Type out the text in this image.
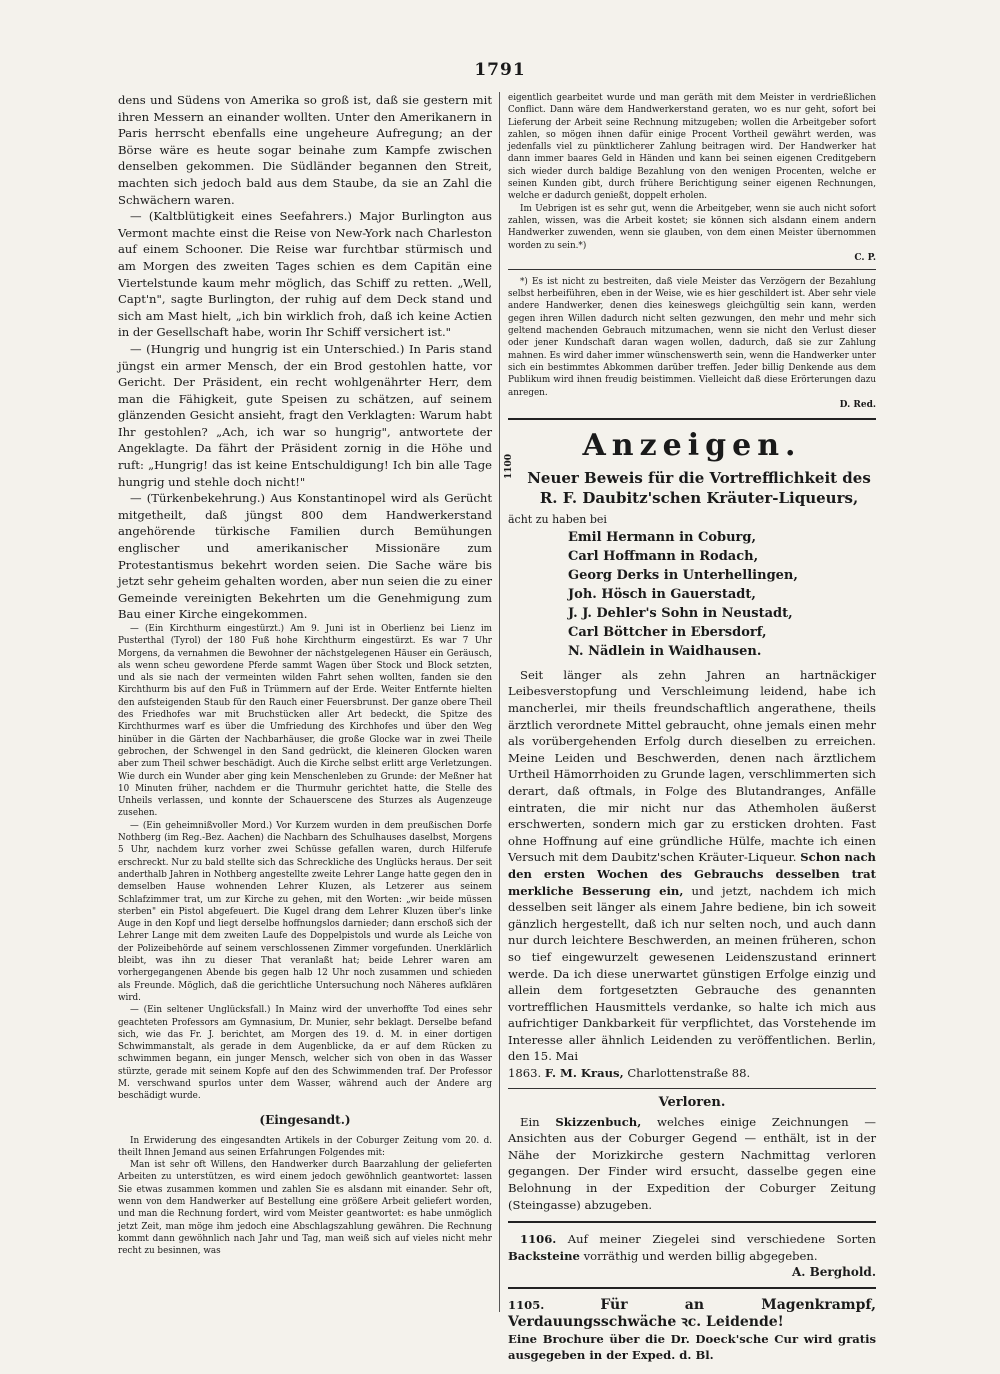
1791

dens und Südens von Amerika so groß ist, daß sie gestern mit ihren Messern an einander wollten. Unter den Amerikanern in Paris herrscht ebenfalls eine ungeheure Aufregung; an der Börse wäre es heute sogar beinahe zum Kampfe zwischen denselben gekommen. Die Südländer begannen den Streit, machten sich jedoch bald aus dem Staube, da sie an Zahl die Schwächern waren.

— (Kaltblütigkeit eines Seefahrers.) Major Burlington aus Vermont machte einst die Reise von New-York nach Charleston auf einem Schooner. Die Reise war furchtbar stürmisch und am Morgen des zweiten Tages schien es dem Capitän eine Viertelstunde kaum mehr möglich, das Schiff zu retten. „Well, Capt'n", sagte Burlington, der ruhig auf dem Deck stand und sich am Mast hielt, „ich bin wirklich froh, daß ich keine Actien in der Gesellschaft habe, worin Ihr Schiff versichert ist."

— (Hungrig und hungrig ist ein Unterschied.) In Paris stand jüngst ein armer Mensch, der ein Brod gestohlen hatte, vor Gericht. Der Präsident, ein recht wohlgenährter Herr, dem man die Fähigkeit, gute Speisen zu schätzen, auf seinem glänzenden Gesicht ansieht, fragt den Verklagten: Warum habt Ihr gestohlen? „Ach, ich war so hungrig", antwortete der Angeklagte. Da fährt der Präsident zornig in die Höhe und ruft: „Hungrig! das ist keine Entschuldigung! Ich bin alle Tage hungrig und stehle doch nicht!"

— (Türkenbekehrung.) Aus Konstantinopel wird als Gerücht mitgetheilt, daß jüngst 800 dem Handwerkerstand angehörende türkische Familien durch Bemühungen englischer und amerikanischer Missionäre zum Protestantismus bekehrt worden seien. Die Sache wäre bis jetzt sehr geheim gehalten worden, aber nun seien die zu einer Gemeinde vereinigten Bekehrten um die Genehmigung zum Bau einer Kirche eingekommen.

— (Ein Kirchthurm eingestürzt.) Am 9. Juni ist in Oberlienz bei Lienz im Pusterthal (Tyrol) der 180 Fuß hohe Kirchthurm eingestürzt. Es war 7 Uhr Morgens, da vernahmen die Bewohner der nächstgelegenen Häuser ein Geräusch, als wenn scheu gewordene Pferde sammt Wagen über Stock und Block setzten, und als sie nach der vermeinten wilden Fahrt sehen wollten, fanden sie den Kirchthurm bis auf den Fuß in Trümmern auf der Erde. Weiter Entfernte hielten den aufsteigenden Staub für den Rauch einer Feuersbrunst. Der ganze obere Theil des Friedhofes war mit Bruchstücken aller Art bedeckt, die Spitze des Kirchthurmes warf es über die Umfriedung des Kirchhofes und über den Weg hinüber in die Gärten der Nachbarhäuser, die große Glocke war in zwei Theile gebrochen, der Schwengel in den Sand gedrückt, die kleineren Glocken waren aber zum Theil schwer beschädigt. Auch die Kirche selbst erlitt arge Verletzungen. Wie durch ein Wunder aber ging kein Menschenleben zu Grunde: der Meßner hat 10 Minuten früher, nachdem er die Thurmuhr gerichtet hatte, die Stelle des Unheils verlassen, und konnte der Schauerscene des Sturzes als Augenzeuge zusehen.

— (Ein geheimnißvoller Mord.) Vor Kurzem wurden in dem preußischen Dorfe Nothberg (im Reg.-Bez. Aachen) die Nachbarn des Schulhauses daselbst, Morgens 5 Uhr, nachdem kurz vorher zwei Schüsse gefallen waren, durch Hilferufe erschreckt. Nur zu bald stellte sich das Schreckliche des Unglücks heraus. Der seit anderthalb Jahren in Nothberg angestellte zweite Lehrer Lange hatte gegen den in demselben Hause wohnenden Lehrer Kluzen, als Letzerer aus seinem Schlafzimmer trat, um zur Kirche zu gehen, mit den Worten: „wir beide müssen sterben" ein Pistol abgefeuert. Die Kugel drang dem Lehrer Kluzen über's linke Auge in den Kopf und liegt derselbe hoffnungslos darnieder; dann erschoß sich der Lehrer Lange mit dem zweiten Laufe des Doppelpistols und wurde als Leiche von der Polizeibehörde auf seinem verschlossenen Zimmer vorgefunden. Unerklärlich bleibt, was ihn zu dieser That veranlaßt hat; beide Lehrer waren am vorhergegangenen Abende bis gegen halb 12 Uhr noch zusammen und schieden als Freunde. Möglich, daß die gerichtliche Untersuchung noch Näheres aufklären wird.

— (Ein seltener Unglücksfall.) In Mainz wird der unverhoffte Tod eines sehr geachteten Professors am Gymnasium, Dr. Munier, sehr beklagt. Derselbe befand sich, wie das Fr. J. berichtet, am Morgen des 19. d. M. in einer dortigen Schwimmanstalt, als gerade in dem Augenblicke, da er auf dem Rücken zu schwimmen begann, ein junger Mensch, welcher sich von oben in das Wasser stürzte, gerade mit seinem Kopfe auf den des Schwimmenden traf. Der Professor M. verschwand spurlos unter dem Wasser, während auch der Andere arg beschädigt wurde.

(Eingesandt.)

In Erwiderung des eingesandten Artikels in der Coburger Zeitung vom 20. d. theilt Ihnen Jemand aus seinen Erfahrungen Folgendes mit:

Man ist sehr oft Willens, den Handwerker durch Baarzahlung der gelieferten Arbeiten zu unterstützen, es wird einem jedoch gewöhnlich geantwortet: lassen Sie etwas zusammen kommen und zahlen Sie es alsdann mit einander. Sehr oft, wenn von dem Handwerker auf Bestellung eine größere Arbeit geliefert worden, und man die Rechnung fordert, wird vom Meister geantwortet: es habe unmöglich jetzt Zeit, man möge ihm jedoch eine Abschlagszahlung gewähren. Die Rechnung kommt dann gewöhnlich nach Jahr und Tag, man weiß sich auf vieles nicht mehr recht zu besinnen, was

eigentlich gearbeitet wurde und man geräth mit dem Meister in verdrießlichen Conflict. Dann wäre dem Handwerkerstand geraten, wo es nur geht, sofort bei Lieferung der Arbeit seine Rechnung mitzugeben; wollen die Arbeitgeber sofort zahlen, so mögen ihnen dafür einige Procent Vortheil gewährt werden, was jedenfalls viel zu pünktlicherer Zahlung beitragen wird. Der Handwerker hat dann immer baares Geld in Händen und kann bei seinen eigenen Creditgebern sich wieder durch baldige Bezahlung von den wenigen Procenten, welche er seinen Kunden gibt, durch frühere Berichtigung seiner eigenen Rechnungen, welche er dadurch genießt, doppelt erholen.

Im Uebrigen ist es sehr gut, wenn die Arbeitgeber, wenn sie auch nicht sofort zahlen, wissen, was die Arbeit kostet; sie können sich alsdann einem andern Handwerker zuwenden, wenn sie glauben, von dem einen Meister übernommen worden zu sein.*)

C. P.

*) Es ist nicht zu bestreiten, daß viele Meister das Verzögern der Bezahlung selbst herbeiführen, eben in der Weise, wie es hier geschildert ist. Aber sehr viele andere Handwerker, denen dies keineswegs gleichgültig sein kann, werden gegen ihren Willen dadurch nicht selten gezwungen, den mehr und mehr sich geltend machenden Gebrauch mitzumachen, wenn sie nicht den Verlust dieser oder jener Kundschaft daran wagen wollen, dadurch, daß sie zur Zahlung mahnen. Es wird daher immer wünschenswerth sein, wenn die Handwerker unter sich ein bestimmtes Abkommen darüber treffen. Jeder billig Denkende aus dem Publikum wird ihnen freudig beistimmen. Vielleicht daß diese Erörterungen dazu anregen.

D. Red.
Anzeigen.
1100 Neuer Beweis für die Vortrefflichkeit des
R. F. Daubitz'schen Kräuter-Liqueurs,
ächt zu haben bei
Emil Hermann in Coburg,
Carl Hoffmann in Rodach,
Georg Derks in Unterhellingen,
Joh. Hösch in Gauerstadt,
J. J. Dehler's Sohn in Neustadt,
Carl Böttcher in Ebersdorf,
N. Nädlein in Waidhausen.

Seit länger als zehn Jahren an hartnäckiger Leibesverstopfung und Verschleimung leidend, habe ich mancherlei, mir theils freundschaftlich angerathene, theils ärztlich verordnete Mittel gebraucht, ohne jemals einen mehr als vorübergehenden Erfolg durch dieselben zu erreichen. Meine Leiden und Beschwerden, denen nach ärztlichem Urtheil Hämorrhoiden zu Grunde lagen, verschlimmerten sich derart, daß oftmals, in Folge des Blutandranges, Anfälle eintraten, die mir nicht nur das Athemholen äußerst erschwerten, sondern mich gar zu ersticken drohten. Fast ohne Hoffnung auf eine gründliche Hülfe, machte ich einen Versuch mit dem Daubitz'schen Kräuter-Liqueur. Schon nach den ersten Wochen des Gebrauchs desselben trat merkliche Besserung ein, und jetzt, nachdem ich mich desselben seit länger als einem Jahre bediene, bin ich soweit gänzlich hergestellt, daß ich nur selten noch, und auch dann nur durch leichtere Beschwerden, an meinen früheren, schon so tief eingewurzelt gewesenen Leidenszustand erinnert werde. Da ich diese unerwartet günstigen Erfolge einzig und allein dem fortgesetzten Gebrauche des genannten vortrefflichen Hausmittels verdanke, so halte ich mich aus aufrichtiger Dankbarkeit für verpflichtet, das Vorstehende im Interesse aller ähnlich Leidenden zu veröffentlichen. Berlin, den 15. Mai

1863. F. M. Kraus, Charlottenstraße 88.

Verloren.

Ein Skizzenbuch, welches einige Zeichnungen — Ansichten aus der Coburger Gegend — enthält, ist in der Nähe der Morizkirche gestern Nachmittag verloren gegangen. Der Finder wird ersucht, dasselbe gegen eine Belohnung in der Expedition der Coburger Zeitung (Steingasse) abzugeben.

1106. Auf meiner Ziegelei sind verschiedene Sorten Backsteine vorräthig und werden billig abgegeben.

A. Berghold.

1105.	Für an Magenkrampf, Verdauungsschwäche ꝛc. Leidende!

Eine Brochure über die Dr. Doeck'sche Cur wird gratis ausgegeben in der Exped. d. Bl.
